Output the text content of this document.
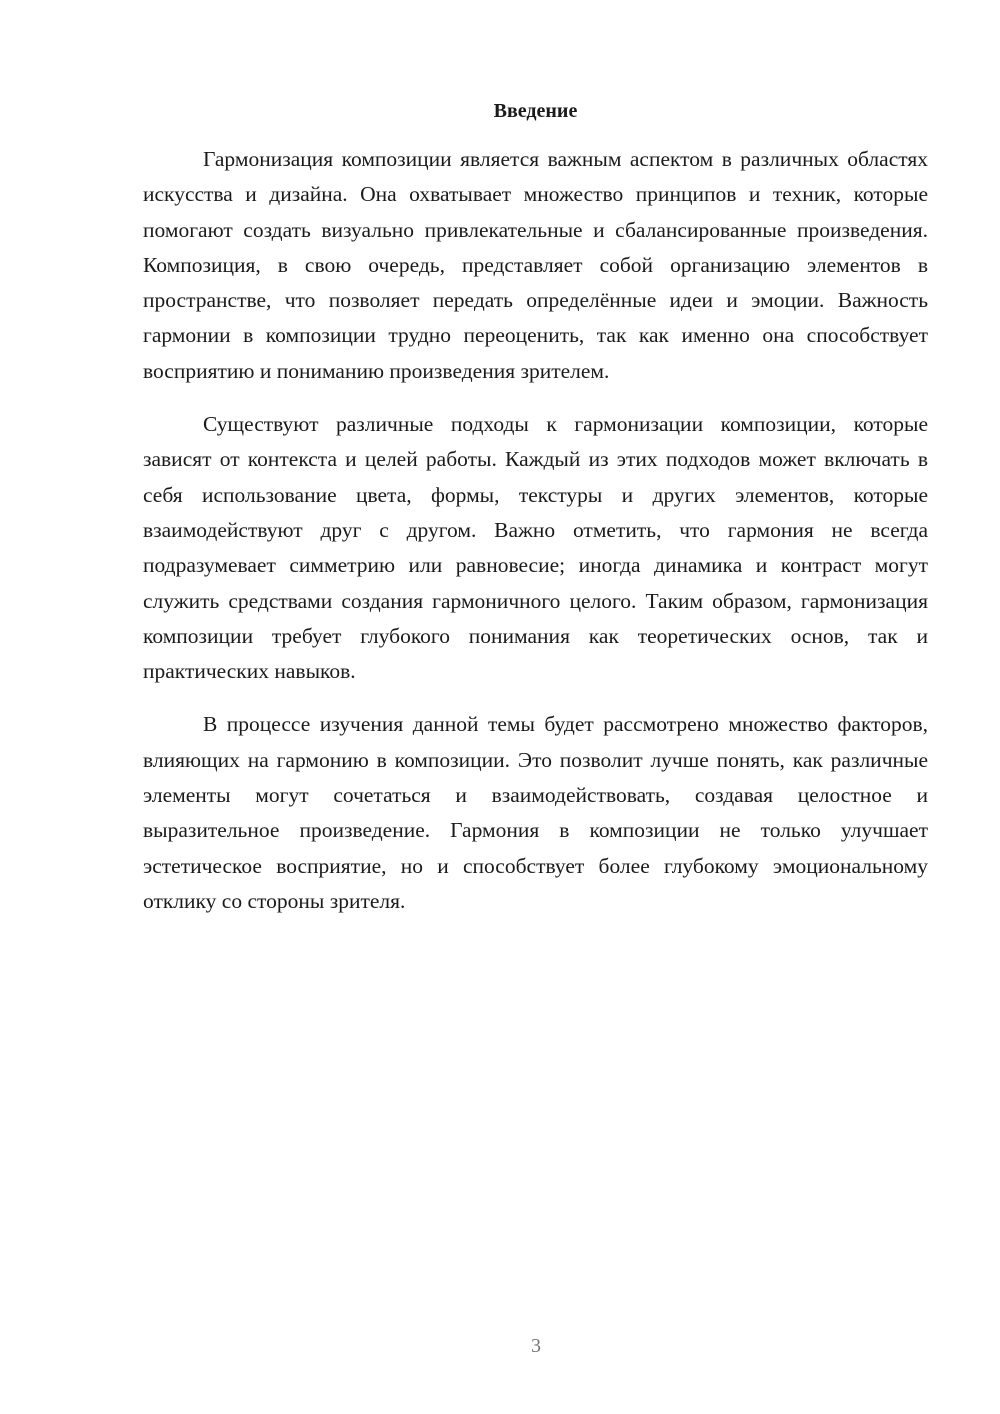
Введение

Гармонизация композиции является важным аспектом в различных областях искусства и дизайна. Она охватывает множество принципов и техник, которые помогают создать визуально привлекательные и сбалансированные произведения. Композиция, в свою очередь, представляет собой организацию элементов в пространстве, что позволяет передать определённые идеи и эмоции. Важность гармонии в композиции трудно переоценить, так как именно она способствует восприятию и пониманию произведения зрителем.

Существуют различные подходы к гармонизации композиции, которые зависят от контекста и целей работы. Каждый из этих подходов может включать в себя использование цвета, формы, текстуры и других элементов, которые взаимодействуют друг с другом. Важно отметить, что гармония не всегда подразумевает симметрию или равновесие; иногда динамика и контраст могут служить средствами создания гармоничного целого. Таким образом, гармонизация композиции требует глубокого понимания как теоретических основ, так и практических навыков.

В процессе изучения данной темы будет рассмотрено множество факторов, влияющих на гармонию в композиции. Это позволит лучше понять, как различные элементы могут сочетаться и взаимодействовать, создавая целостное и выразительное произведение. Гармония в композиции не только улучшает эстетическое восприятие, но и способствует более глубокому эмоциональному отклику со стороны зрителя.

3
